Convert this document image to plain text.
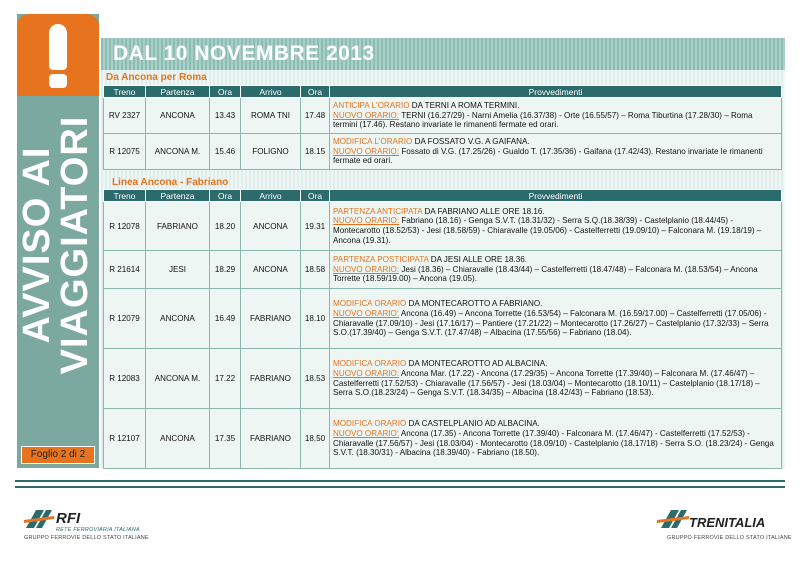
AVVISO AI
VIAGGIATORI
Foglio 2 di 2
DAL 10 NOVEMBRE 2013
Da Ancona per Roma
Treno	Partenza	Ora	Arrivo	Ora	Provvedimenti
RV 2327	ANCONA	13.43	ROMA TNI	17.48	ANTICIPA L'ORARIO DA TERNI A ROMA TERMINI.
NUOVO ORARIO: TERNI (16.27/29) - Narni Amelia (16.37/38) - Orte (16.55/57) – Roma Tiburtina (17.28/30) – Roma termini (17.46). Restano invariate le rimanenti fermate ed orari.
R 12075	ANCONA M.	15.46	FOLIGNO	18.15	MODIFICA L'ORARIO DA FOSSATO V.G. A GAIFANA.
NUOVO ORARIO: Fossato di V.G. (17.25/26) - Gualdo T. (17.35/36) - Gaifana (17.42/43). Restano invariate le rimanenti fermate ed orari.
Linea Ancona - Fabriano
Treno	Partenza	Ora	Arrivo	Ora	Provvedimenti
R 12078	FABRIANO	18.20	ANCONA	19.31	PARTENZA ANTICIPATA DA FABRIANO ALLE ORE 18.16.
NUOVO ORARIO: Fabriano (18.16) - Genga S.V.T. (18.31/32) - Serra S.Q.(18.38/39) - Castelplanio (18.44/45) - Montecarotto (18.52/53) - Jesi (18.58/59) - Chiaravalle (19.05/06) - Castelferretti (19.09/10) – Falconara M. (19.18/19) – Ancona (19.31).
R 21614	JESI	18.29	ANCONA	18.58	PARTENZA POSTICIPATA DA JESI ALLE ORE 18.36.
NUOVO ORARIO: Jesi (18.36) – Chiaravalle (18.43/44) – Castelferretti (18.47/48) – Falconara M. (18.53/54) – Ancona Torrette (18.59/19.00) – Ancona (19.05).
R 12079	ANCONA	16.49	FABRIANO	18.10	MODIFICA ORARIO DA MONTECAROTTO A FABRIANO.
NUOVO ORARIO: Ancona (16.49) – Ancona Torrette (16.53/54) – Falconara M. (16.59/17.00) – Castelferretti (17.05/06) - Chiaravalle (17.09/10) - Jesi (17.16/17) – Pantiere (17.21/22) – Montecarotto (17.26/27) – Castelplanio (17.32/33) – Serra S.O.(17.39/40) – Genga S.V.T. (17.47/48) – Albacina (17.55/56) – Fabriano (18.04).
R 12083	ANCONA M.	17.22	FABRIANO	18.53	MODIFICA ORARIO DA MONTECAROTTO AD ALBACINA.
NUOVO ORARIO: Ancona Mar. (17.22) - Ancona (17.29/35) – Ancona Torrette (17.39/40) – Falconara M. (17.46/47) – Castelferretti (17.52/53) - Chiaravalle (17.56/57) - Jesi (18.03/04) – Montecarotto (18.10/11) – Castelplanio (18.17/18) – Serra S.O.(18.23/24) – Genga S.V.T. (18.34/35) – Albacina (18.42/43) – Fabriano (18.53).
R 12107	ANCONA	17.35	FABRIANO	18.50	MODIFICA ORARIO DA CASTELPLANIO AD ALBACINA.
NUOVO ORARIO: Ancona (17.35) - Ancona Torrette (17.39/40) - Falconara M. (17.46/47) - Castelferretti (17.52/53) - Chiaravalle (17.56/57) - Jesi (18.03/04) - Montecarotto (18.09/10) - Castelplanio (18.17/18) - Serra S.O. (18.23/24) - Genga S.V.T. (18.30/31) - Albacina (18.39/40) - Fabriano (18.50).
RFI
RETE FERROVIARIA ITALIANA
GRUPPO FERROVIE DELLO STATO ITALIANE
TRENITALIA
GRUPPO FERROVIE DELLO STATO ITALIANE
